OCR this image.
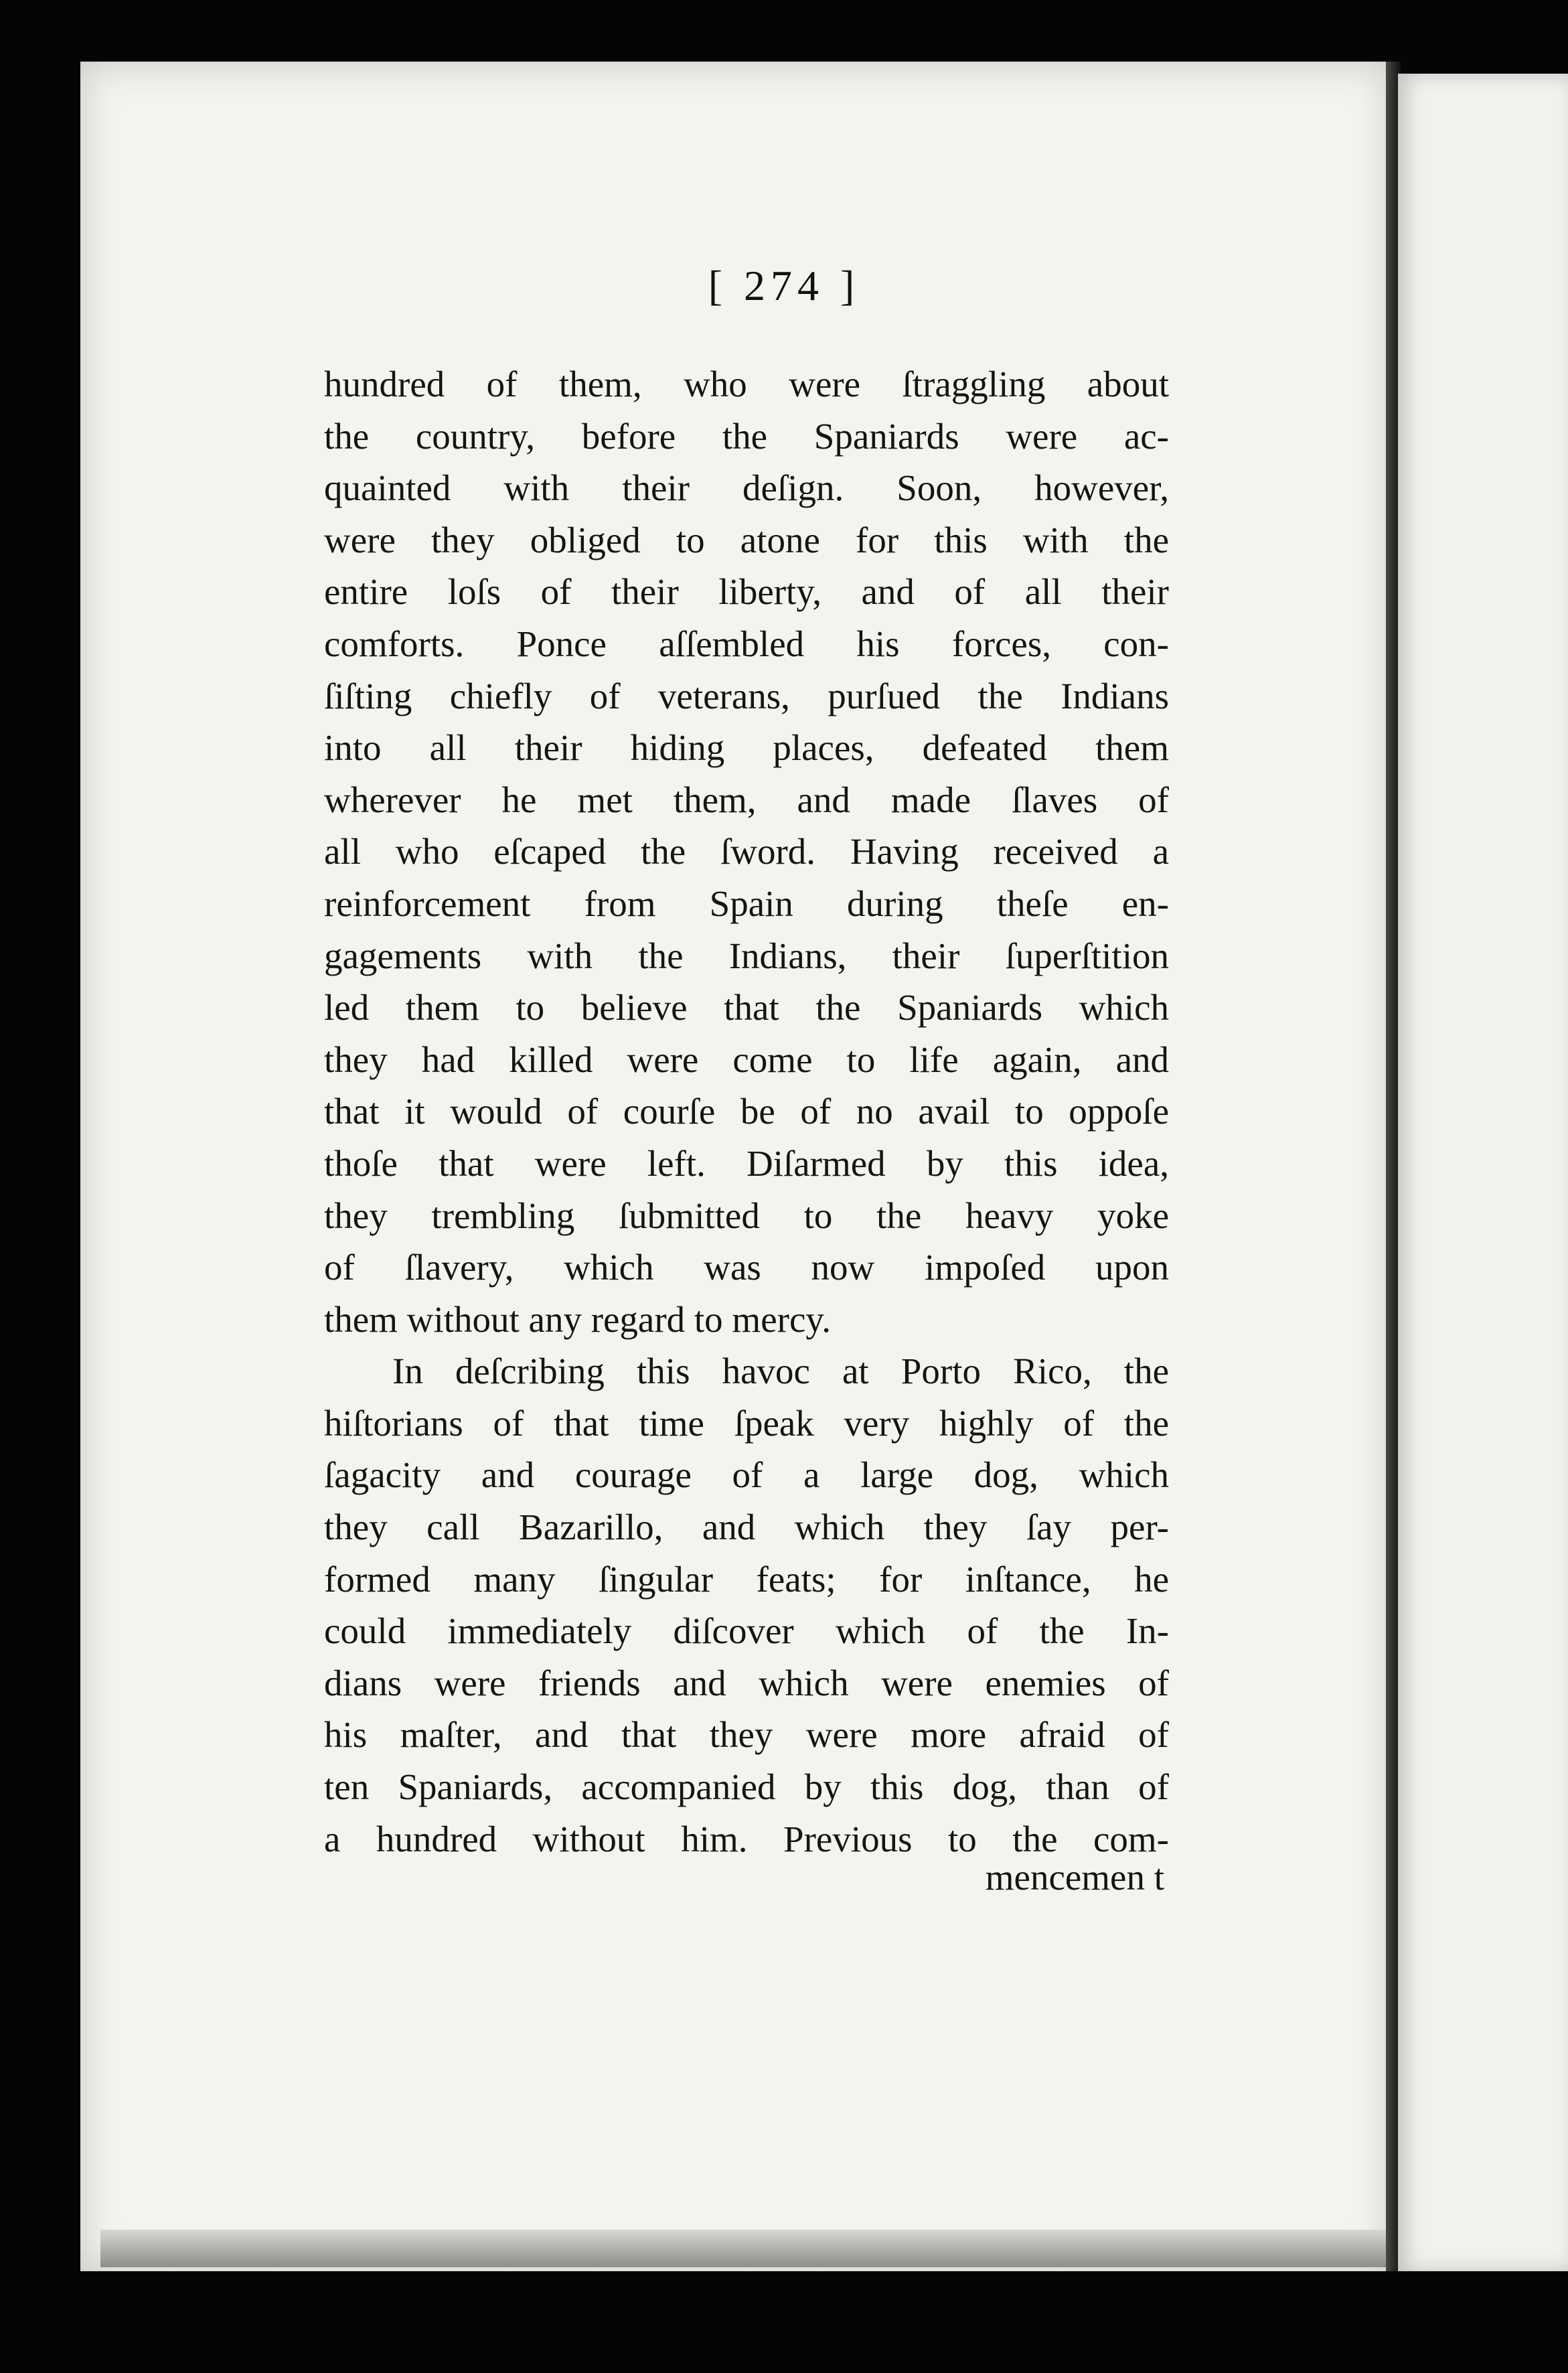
[ 274 ]
hundred of them, who were ſtraggling about
the country, before the Spaniards were ac-
quainted with their deſign. Soon, however,
were they obliged to atone for this with the
entire loſs of their liberty, and of all their
comforts. Ponce aſſembled his forces, con-
ſiſting chiefly of veterans, purſued the Indians
into all their hiding places, defeated them
wherever he met them, and made ſlaves of
all who eſcaped the ſword. Having received a
reinforcement from Spain during theſe en-
gagements with the Indians, their ſuperſtition
led them to believe that the Spaniards which
they had killed were come to life again, and
that it would of courſe be of no avail to oppoſe
thoſe that were left. Diſarmed by this idea,
they trembling ſubmitted to the heavy yoke
of ſlavery, which was now impoſed upon
them without any regard to mercy.
In deſcribing this havoc at Porto Rico, the
hiſtorians of that time ſpeak very highly of the
ſagacity and courage of a large dog, which
they call Bazarillo, and which they ſay per-
formed many ſingular feats; for inſtance, he
could immediately diſcover which of the In-
dians were friends and which were enemies of
his maſter, and that they were more afraid of
ten Spaniards, accompanied by this dog, than of
a hundred without him. Previous to the com-
mencemen t
